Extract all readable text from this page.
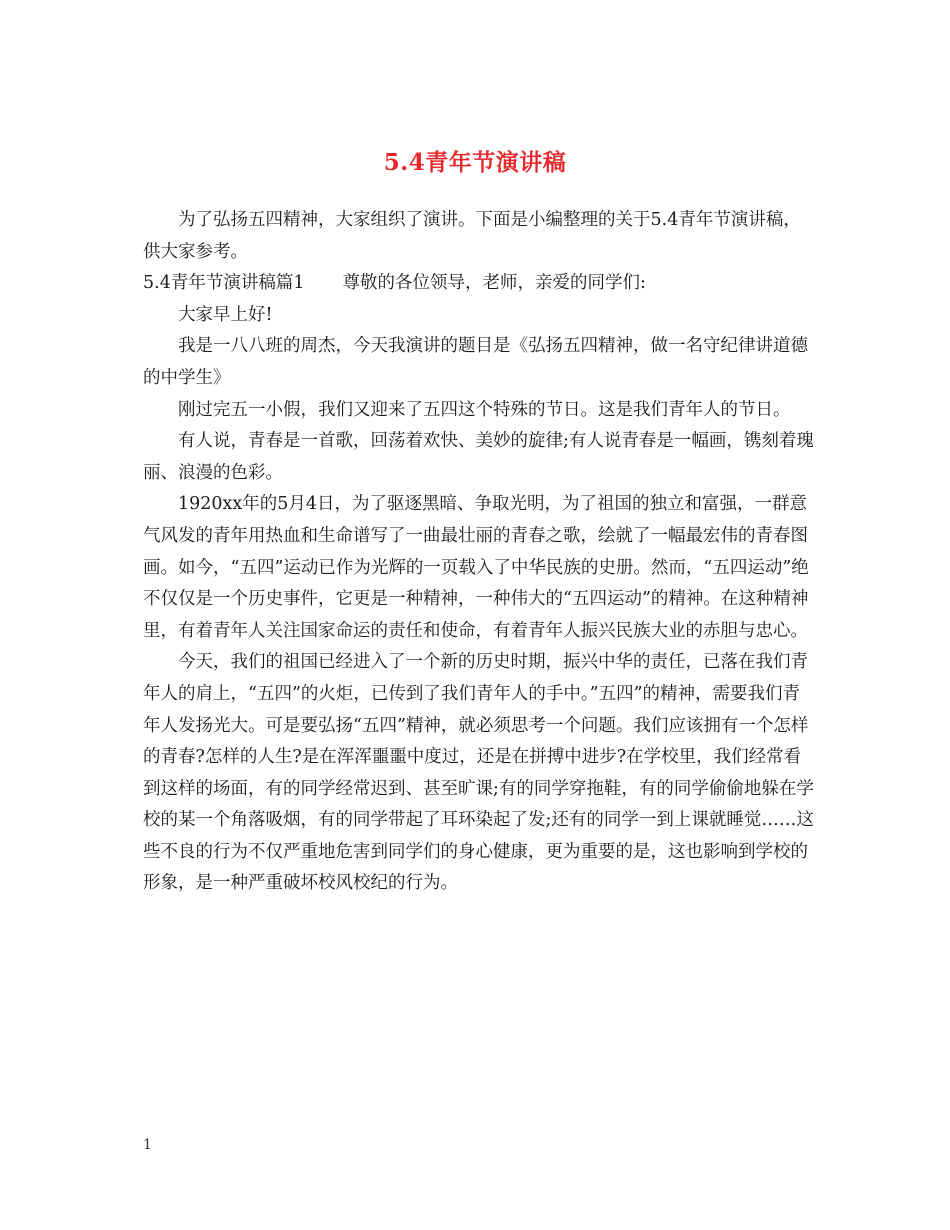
5.4青年节演讲稿

为了弘扬五四精神，大家组织了演讲。下面是小编整理的关于5.4青年节演讲稿，供大家参考。

5.4青年节演讲稿篇1 尊敬的各位领导，老师，亲爱的同学们:

大家早上好!

我是一八八班的周杰，今天我演讲的题目是《弘扬五四精神，做一名守纪律讲道德的中学生》

刚过完五一小假，我们又迎来了五四这个特殊的节日。这是我们青年人的节日。

有人说，青春是一首歌，回荡着欢快、美妙的旋律;有人说青春是一幅画，镌刻着瑰丽、浪漫的色彩。

1920xx年的5月4日，为了驱逐黑暗、争取光明，为了祖国的独立和富强，一群意气风发的青年用热血和生命谱写了一曲最壮丽的青春之歌，绘就了一幅最宏伟的青春图画。如今，“五四”运动已作为光辉的一页载入了中华民族的史册。然而，“五四运动”绝不仅仅是一个历史事件，它更是一种精神，一种伟大的“五四运动”的精神。在这种精神里，有着青年人关注国家命运的责任和使命，有着青年人振兴民族大业的赤胆与忠心。

今天，我们的祖国已经进入了一个新的历史时期，振兴中华的责任，已落在我们青年人的肩上，“五四”的火炬，已传到了我们青年人的手中。”五四”的精神，需要我们青年人发扬光大。可是要弘扬“五四”精神，就必须思考一个问题。我们应该拥有一个怎样的青春?怎样的人生?是在浑浑噩噩中度过，还是在拼搏中进步?在学校里，我们经常看到这样的场面，有的同学经常迟到、甚至旷课;有的同学穿拖鞋，有的同学偷偷地躲在学校的某一个角落吸烟，有的同学带起了耳环染起了发;还有的同学一到上课就睡觉……这些不良的行为不仅严重地危害到同学们的身心健康，更为重要的是，这也影响到学校的形象，是一种严重破坏校风校纪的行为。

1
